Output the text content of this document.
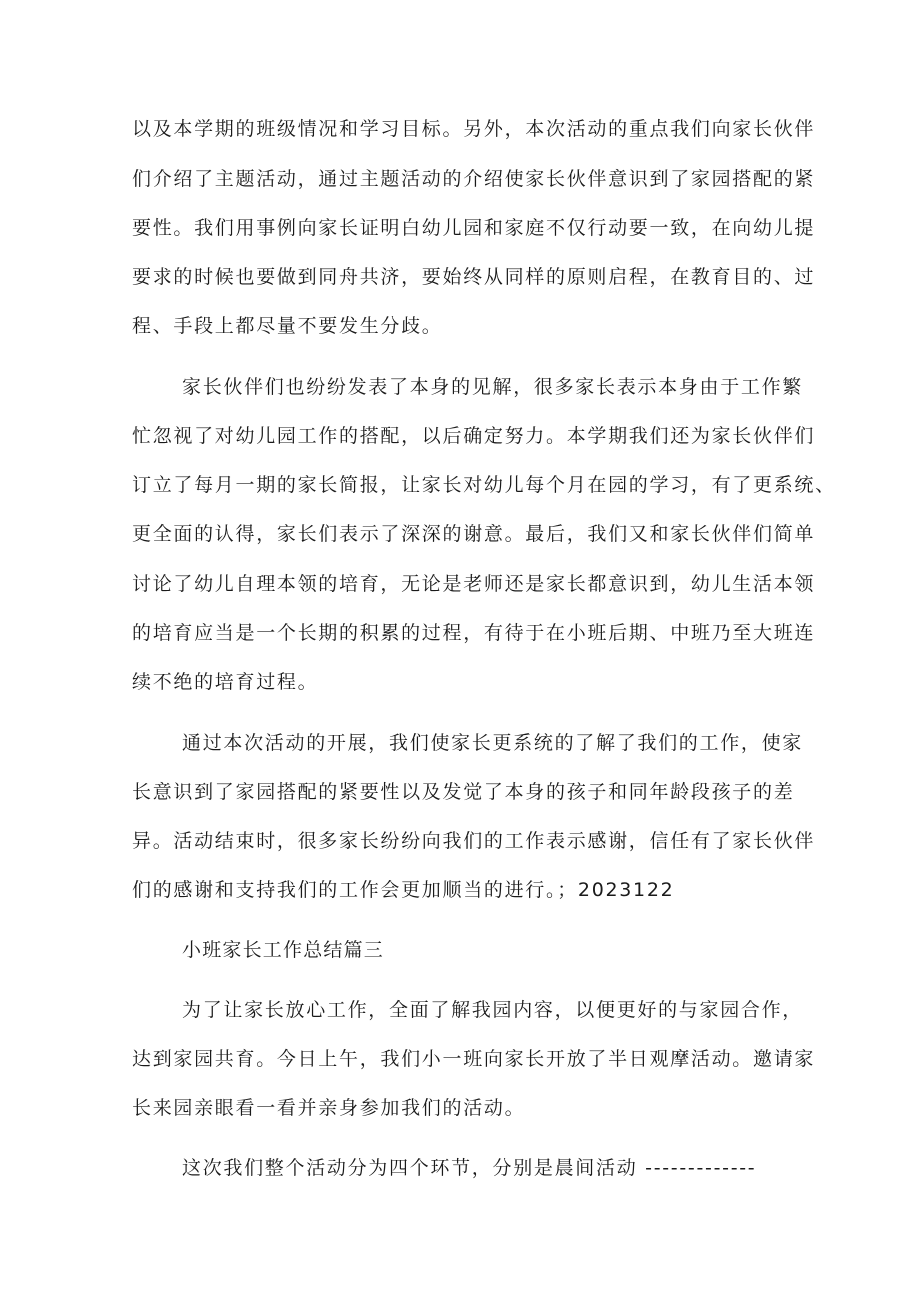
以及本学期的班级情况和学习目标。另外，本次活动的重点我们向家长伙伴
们介绍了主题活动，通过主题活动的介绍使家长伙伴意识到了家园搭配的紧
要性。我们用事例向家长证明白幼儿园和家庭不仅行动要一致，在向幼儿提
要求的时候也要做到同舟共济，要始终从同样的原则启程，在教育目的、过
程、手段上都尽量不要发生分歧。
家长伙伴们也纷纷发表了本身的见解，很多家长表示本身由于工作繁
忙忽视了对幼儿园工作的搭配，以后确定努力。本学期我们还为家长伙伴们
订立了每月一期的家长简报，让家长对幼儿每个月在园的学习，有了更系统、
更全面的认得，家长们表示了深深的谢意。最后，我们又和家长伙伴们简单
讨论了幼儿自理本领的培育，无论是老师还是家长都意识到，幼儿生活本领
的培育应当是一个长期的积累的过程，有待于在小班后期、中班乃至大班连
续不绝的培育过程。
通过本次活动的开展，我们使家长更系统的了解了我们的工作，使家
长意识到了家园搭配的紧要性以及发觉了本身的孩子和同年龄段孩子的差
异。活动结束时，很多家长纷纷向我们的工作表示感谢，信任有了家长伙伴
们的感谢和支持我们的工作会更加顺当的进行。；2023122
小班家长工作总结篇三
为了让家长放心工作，全面了解我园内容，以便更好的与家园合作，
达到家园共育。今日上午，我们小一班向家长开放了半日观摩活动。邀请家
长来园亲眼看一看并亲身参加我们的活动。
这次我们整个活动分为四个环节，分别是晨间活动 -------------
